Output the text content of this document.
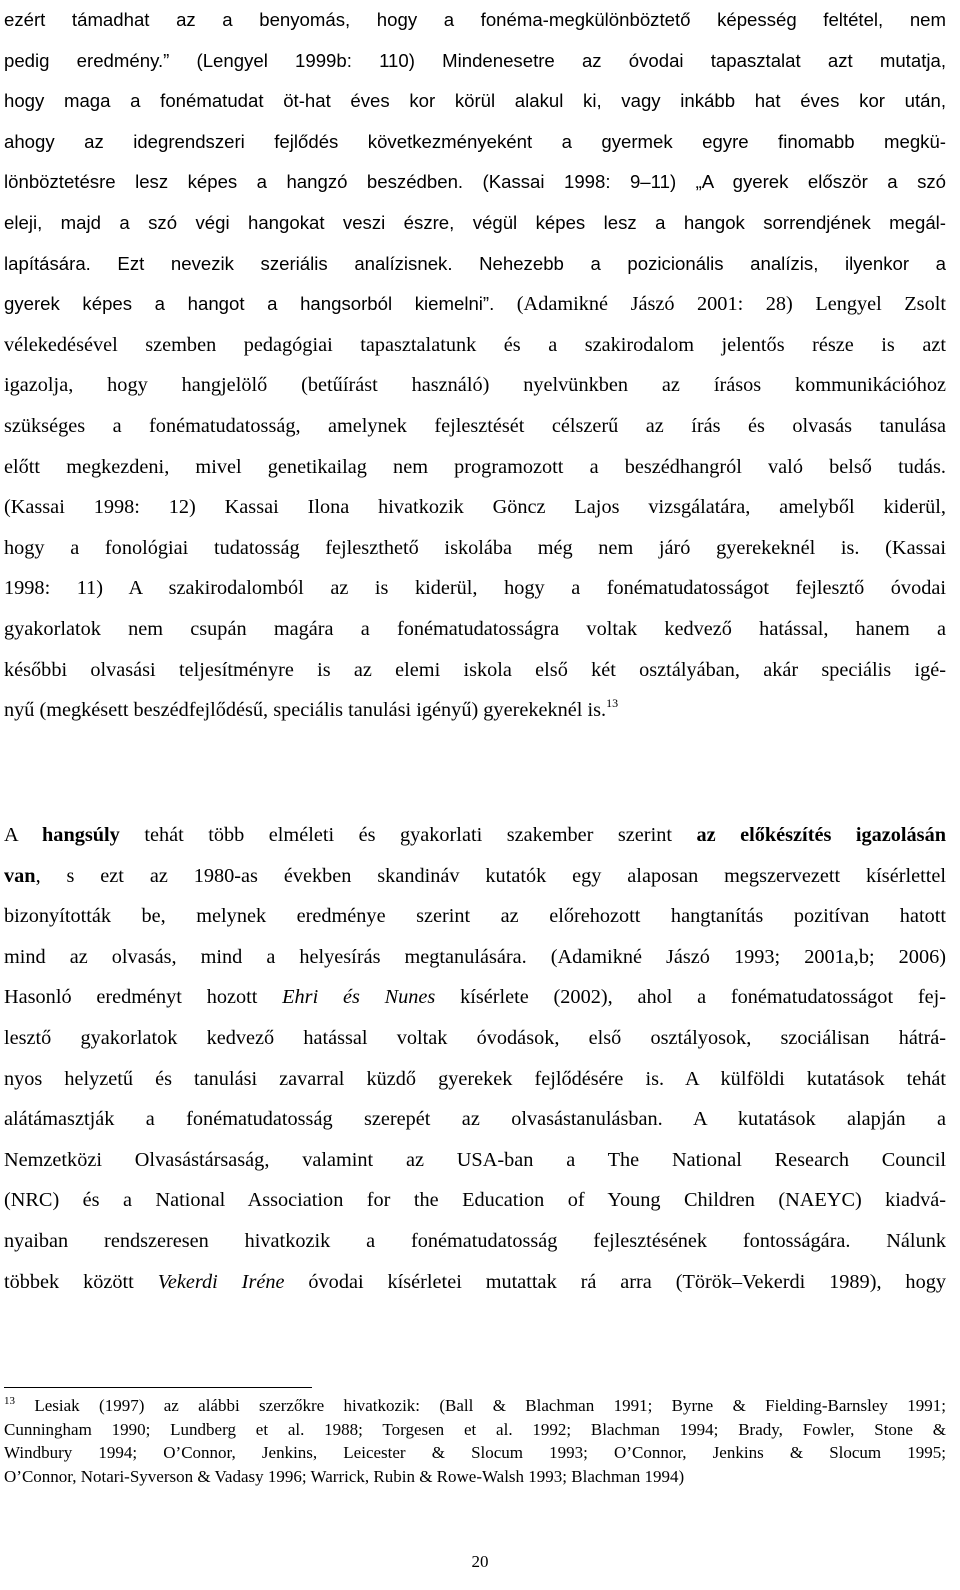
ezért támadhat az a benyomás, hogy a fonéma-megkülönböztető képesség feltétel, nem
pedig eredmény.” (Lengyel 1999b: 110) Mindenesetre az óvodai tapasztalat azt mutatja,
hogy maga a fonématudat öt-hat éves kor körül alakul ki, vagy inkább hat éves kor után,
ahogy az idegrendszeri fejlődés következményeként a gyermek egyre finomabb megkü-
lönböztetésre lesz képes a hangzó beszédben. (Kassai 1998: 9–11) „A gyerek először a szó
eleji, majd a szó végi hangokat veszi észre, végül képes lesz a hangok sorrendjének megál-
lapítására. Ezt nevezik szeriális analízisnek. Nehezebb a pozicionális analízis, ilyenkor a
gyerek képes a hangot a hangsorból kiemelni”. (Adamikné Jászó 2001: 28) Lengyel Zsolt
vélekedésével szemben pedagógiai tapasztalatunk és a szakirodalom jelentős része is azt
igazolja, hogy hangjelölő (betűírást használó) nyelvünkben az írásos kommunikációhoz
szükséges a fonématudatosság, amelynek fejlesztését célszerű az írás és olvasás tanulása
előtt megkezdeni, mivel genetikailag nem programozott a beszédhangról való belső tudás.
(Kassai 1998: 12) Kassai Ilona hivatkozik Göncz Lajos vizsgálatára, amelyből kiderül,
hogy a fonológiai tudatosság fejleszthető iskolába még nem járó gyerekeknél is. (Kassai
1998: 11) A szakirodalomból az is kiderül, hogy a fonématudatosságot fejlesztő óvodai
gyakorlatok nem csupán magára a fonématudatosságra voltak kedvező hatással, hanem a
későbbi olvasási teljesítményre is az elemi iskola első két osztályában, akár speciális igé-
nyű (megkésett beszédfejlődésű, speciális tanulási igényű) gyerekeknél is.$^{13}$
A hangsúly tehát több elméleti és gyakorlati szakember szerint az előkészítés igazolásán
van, s ezt az 1980-as években skandináv kutatók egy alaposan megszervezett kísérlettel
bizonyították be, melynek eredménye szerint az előrehozott hangtanítás pozitívan hatott
mind az olvasás, mind a helyesírás megtanulására. (Adamikné Jászó 1993; 2001a,b; 2006)
Hasonló eredményt hozott Ehri és Nunes kísérlete (2002), ahol a fonématudatosságot fej-
lesztő gyakorlatok kedvező hatással voltak óvodások, első osztályosok, szociálisan hátrá-
nyos helyzetű és tanulási zavarral küzdő gyerekek fejlődésére is. A külföldi kutatások tehát
alátámasztják a fonématudatosság szerepét az olvasástanulásban. A kutatások alapján a
Nemzetközi Olvasástársaság, valamint az USA-ban a The National Research Council
(NRC) és a National Association for the Education of Young Children (NAEYC) kiadvá-
nyaiban rendszeresen hivatkozik a fonématudatosság fejlesztésének fontosságára. Nálunk
többek között Vekerdi Iréne óvodai kísérletei mutattak rá arra (Török–Vekerdi 1989), hogy
$^{13}$ Lesiak (1997) az alábbi szerzőkre hivatkozik: (Ball & Blachman 1991; Byrne & Fielding-Barnsley 1991;
Cunningham 1990; Lundberg et al. 1988; Torgesen et al. 1992; Blachman 1994; Brady, Fowler, Stone &
Windbury 1994; O’Connor, Jenkins, Leicester & Slocum 1993; O’Connor, Jenkins & Slocum 1995;
O’Connor, Notari-Syverson & Vadasy 1996; Warrick, Rubin & Rowe-Walsh 1993; Blachman 1994)
20
